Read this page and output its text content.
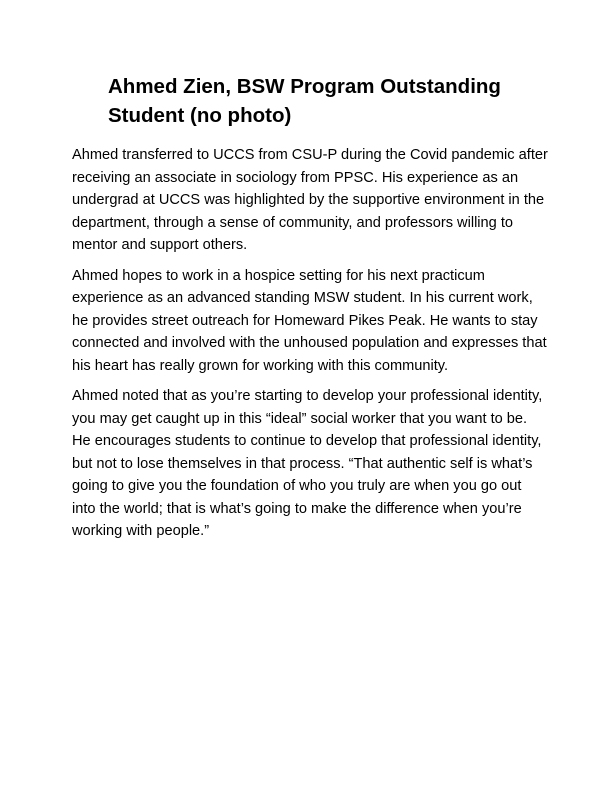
Ahmed Zien, BSW Program Outstanding Student (no photo)

Ahmed transferred to UCCS from CSU-P during the Covid pandemic after receiving an associate in sociology from PPSC. His experience as an undergrad at UCCS was highlighted by the supportive environment in the department, through a sense of community, and professors willing to mentor and support others.

Ahmed hopes to work in a hospice setting for his next practicum experience as an advanced standing MSW student. In his current work, he provides street outreach for Homeward Pikes Peak. He wants to stay connected and involved with the unhoused population and expresses that his heart has really grown for working with this community.

Ahmed noted that as you’re starting to develop your professional identity, you may get caught up in this “ideal” social worker that you want to be. He encourages students to continue to develop that professional identity, but not to lose themselves in that process. “That authentic self is what’s going to give you the foundation of who you truly are when you go out into the world; that is what’s going to make the difference when you’re working with people.”
